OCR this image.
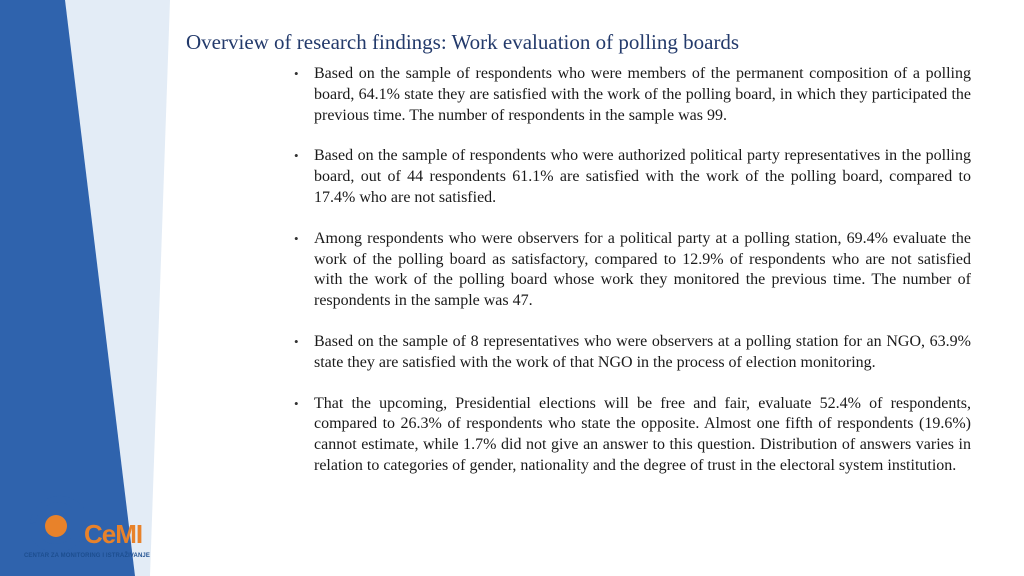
Overview of research findings: Work evaluation of polling boards
• Based on the sample of respondents who were members of the permanent composition of a polling board, 64.1% state they are satisfied with the work of the polling board, in which they participated the previous time. The number of respondents in the sample was 99.
• Based on the sample of respondents who were authorized political party representatives in the polling board, out of 44 respondents 61.1% are satisfied with the work of the polling board, compared to 17.4% who are not satisfied.
• Among respondents who were observers for a political party at a polling station, 69.4% evaluate the work of the polling board as satisfactory, compared to 12.9% of respondents who are not satisfied with the work of the polling board whose work they monitored the previous time. The number of respondents in the sample was 47.
• Based on the sample of 8 representatives who were observers at a polling station for an NGO, 63.9% state they are satisfied with the work of that NGO in the process of election monitoring.
• That the upcoming, Presidential elections will be free and fair, evaluate 52.4% of respondents, compared to 26.3% of respondents who state the opposite. Almost one fifth of respondents (19.6%) cannot estimate, while 1.7% did not give an answer to this question. Distribution of answers varies in relation to categories of gender, nationality and the degree of trust in the electoral system institution.
CeMI
CENTAR ZA MONITORING I ISTRAŽIVANJE
